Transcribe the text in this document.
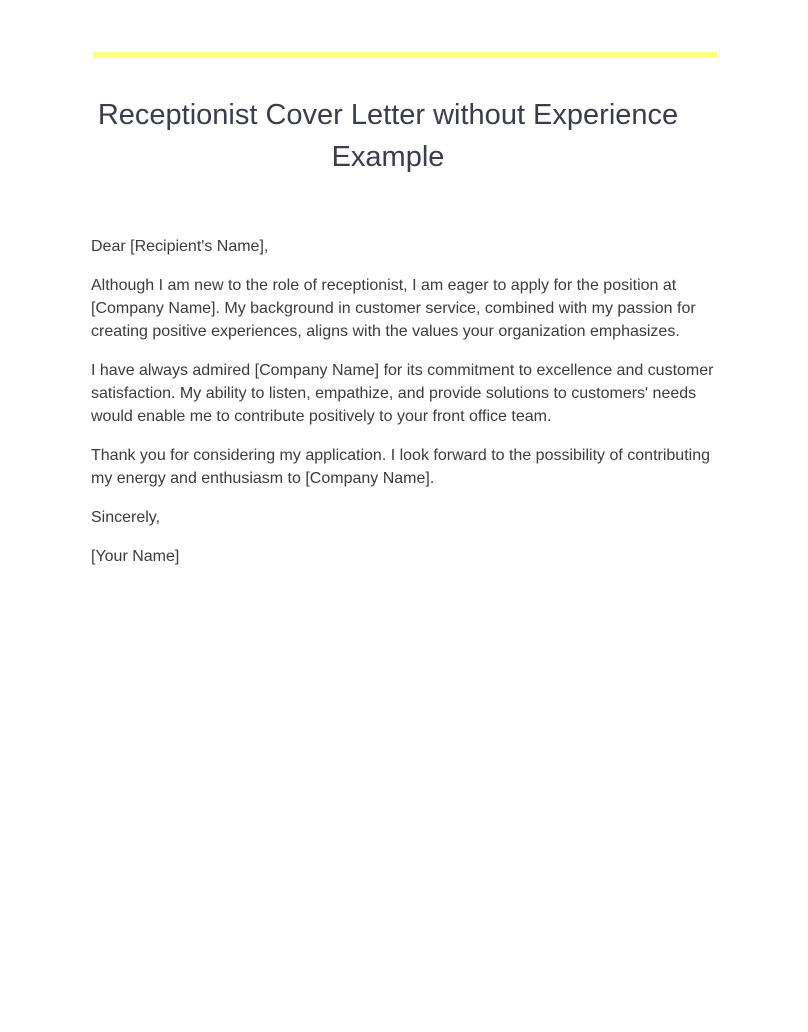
Receptionist Cover Letter without Experience Example

Dear [Recipient's Name],

Although I am new to the role of receptionist, I am eager to apply for the position at [Company Name]. My background in customer service, combined with my passion for creating positive experiences, aligns with the values your organization emphasizes.

I have always admired [Company Name] for its commitment to excellence and customer satisfaction. My ability to listen, empathize, and provide solutions to customers' needs would enable me to contribute positively to your front office team.

Thank you for considering my application. I look forward to the possibility of contributing my energy and enthusiasm to [Company Name].

Sincerely,

[Your Name]
